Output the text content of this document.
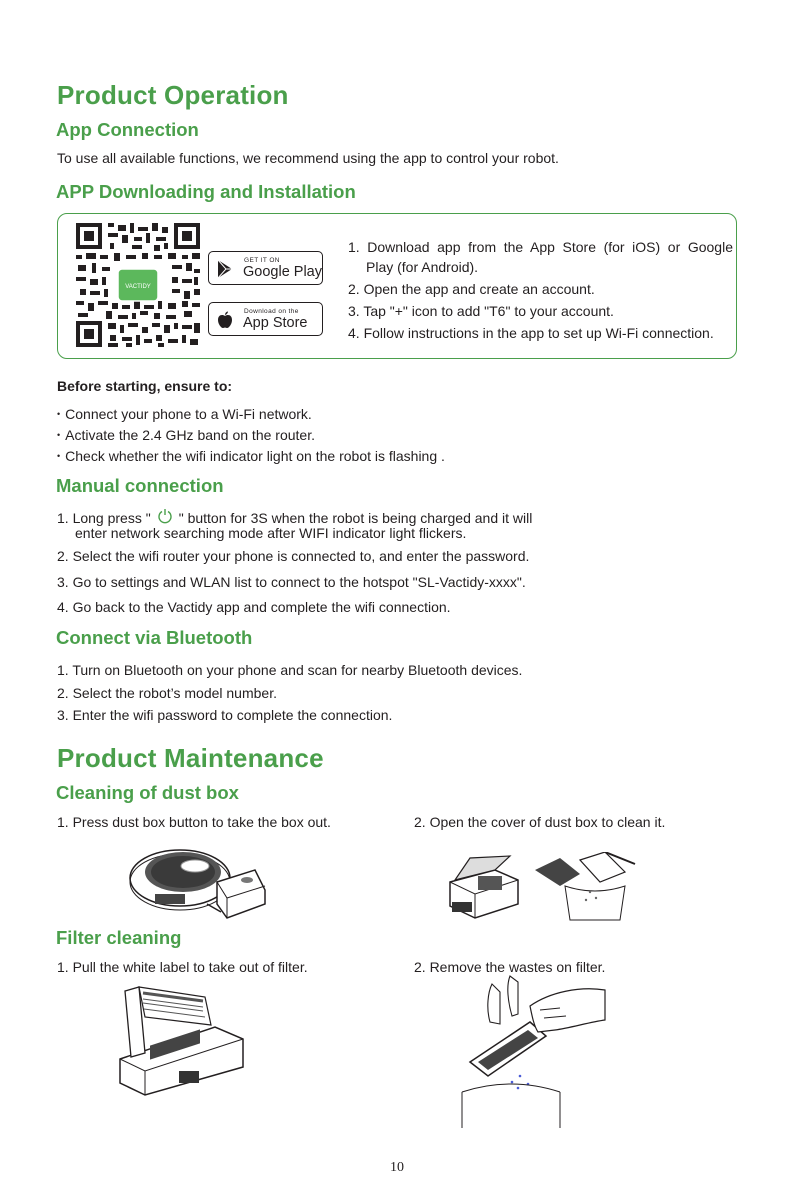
Product Operation
App Connection

To use all available functions, we recommend using the app to control your robot.

APP Downloading and Installation
VACTIDY
GET IT ON
Google Play
Download on the
App Store
1. Download app from the App Store (for iOS) or Google
Play (for Android).
2. Open the app and create an account.
3. Tap "+" icon to add "T6" to your account.
4. Follow instructions in the app to set up Wi-Fi connection.

Before starting, ensure to:

• Connect your phone to a Wi-Fi network.

• Activate the 2.4 GHz band on the router.

• Check whether the wifi indicator light on the robot is flashing .

Manual connection

1. Long press " " button for 3S when the robot is being charged and it will

enter network searching mode after WIFI indicator light flickers.

2. Select the wifi router your phone is connected to, and enter the password.

3. Go to settings and WLAN list to connect to the hotspot "SL-Vactidy-xxxx".

4. Go back to the Vactidy app and complete the wifi connection.

Connect via Bluetooth

1. Turn on Bluetooth on your phone and scan for nearby Bluetooth devices.

2. Select the robot’s model number.

3. Enter the wifi password to complete the connection.

Product Maintenance
Cleaning of dust box

1. Press dust box button to take the box out.	2. Open the cover of dust box to clean it.

Filter cleaning

1. Pull the white label to take out of filter.	2. Remove the wastes on filter.

10
